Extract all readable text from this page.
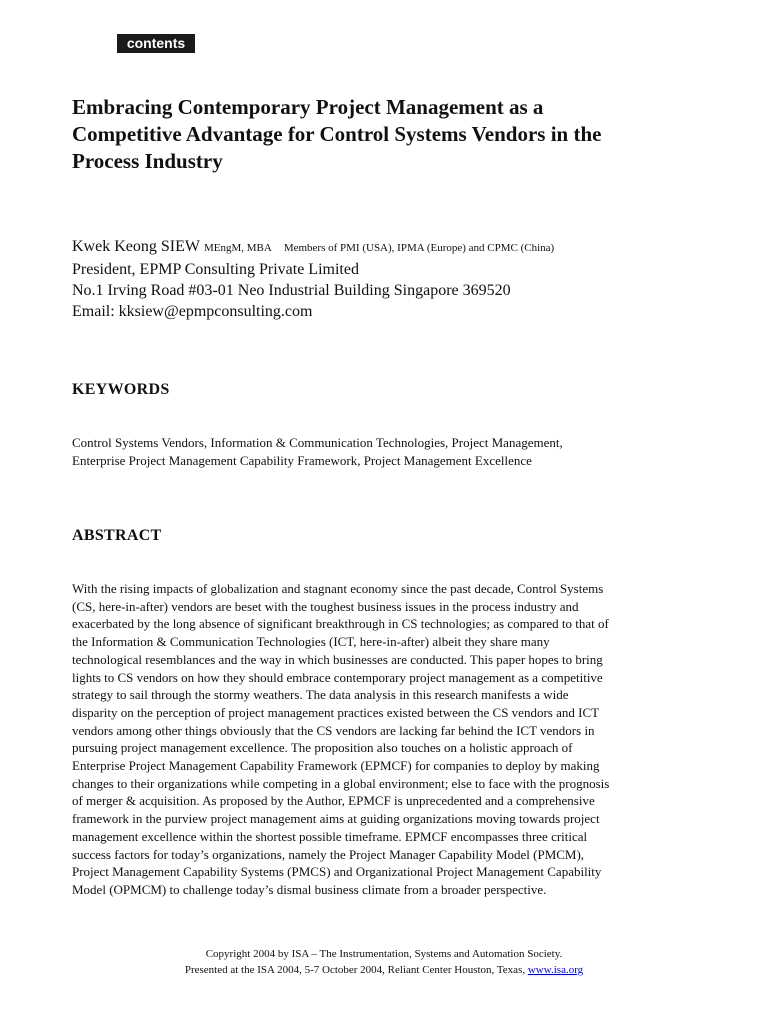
contents
Embracing Contemporary Project Management as a
Competitive Advantage for Control Systems Vendors in the
Process Industry
Kwek Keong SIEW MEngM, MBA Members of PMI (USA), IPMA (Europe) and CPMC (China)
President, EPMP Consulting Private Limited
No.1 Irving Road #03-01 Neo Industrial Building Singapore 369520
Email: kksiew@epmpconsulting.com
KEYWORDS

Control Systems Vendors, Information & Communication Technologies, Project Management,
Enterprise Project Management Capability Framework, Project Management Excellence

ABSTRACT

With the rising impacts of globalization and stagnant economy since the past decade, Control Systems
(CS, here-in-after) vendors are beset with the toughest business issues in the process industry and
exacerbated by the long absence of significant breakthrough in CS technologies; as compared to that of
the Information & Communication Technologies (ICT, here-in-after) albeit they share many
technological resemblances and the way in which businesses are conducted. This paper hopes to bring
lights to CS vendors on how they should embrace contemporary project management as a competitive
strategy to sail through the stormy weathers. The data analysis in this research manifests a wide
disparity on the perception of project management practices existed between the CS vendors and ICT
vendors among other things obviously that the CS vendors are lacking far behind the ICT vendors in
pursuing project management excellence. The proposition also touches on a holistic approach of
Enterprise Project Management Capability Framework (EPMCF) for companies to deploy by making
changes to their organizations while competing in a global environment; else to face with the prognosis
of merger & acquisition. As proposed by the Author, EPMCF is unprecedented and a comprehensive
framework in the purview project management aims at guiding organizations moving towards project
management excellence within the shortest possible timeframe. EPMCF encompasses three critical
success factors for today’s organizations, namely the Project Manager Capability Model (PMCM),
Project Management Capability Systems (PMCS) and Organizational Project Management Capability
Model (OPMCM) to challenge today’s dismal business climate from a broader perspective.

Copyright 2004 by ISA – The Instrumentation, Systems and Automation Society.
Presented at the ISA 2004, 5-7 October 2004, Reliant Center Houston, Texas, www.isa.org
